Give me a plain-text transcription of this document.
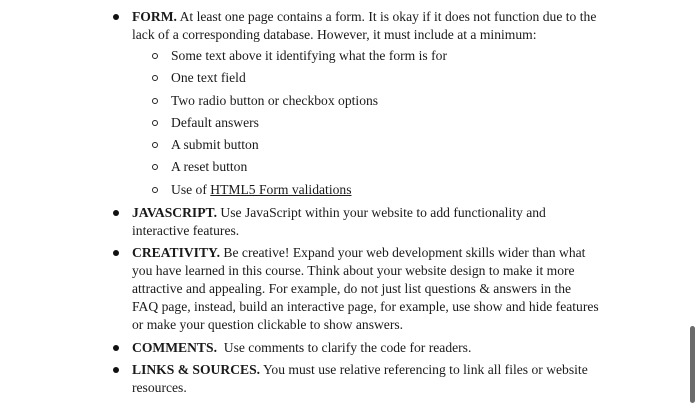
FORM. At least one page contains a form. It is okay if it does not function due to the lack of a corresponding database. However, it must include at a minimum:
Some text above it identifying what the form is for
One text field
Two radio button or checkbox options
Default answers
A submit button
A reset button
Use of HTML5 Form validations
JAVASCRIPT. Use JavaScript within your website to add functionality and interactive features.
CREATIVITY. Be creative! Expand your web development skills wider than what you have learned in this course. Think about your website design to make it more attractive and appealing. For example, do not just list questions & answers in the FAQ page, instead, build an interactive page, for example, use show and hide features or make your question clickable to show answers.
COMMENTS.  Use comments to clarify the code for readers.
LINKS & SOURCES. You must use relative referencing to link all files or website resources.
